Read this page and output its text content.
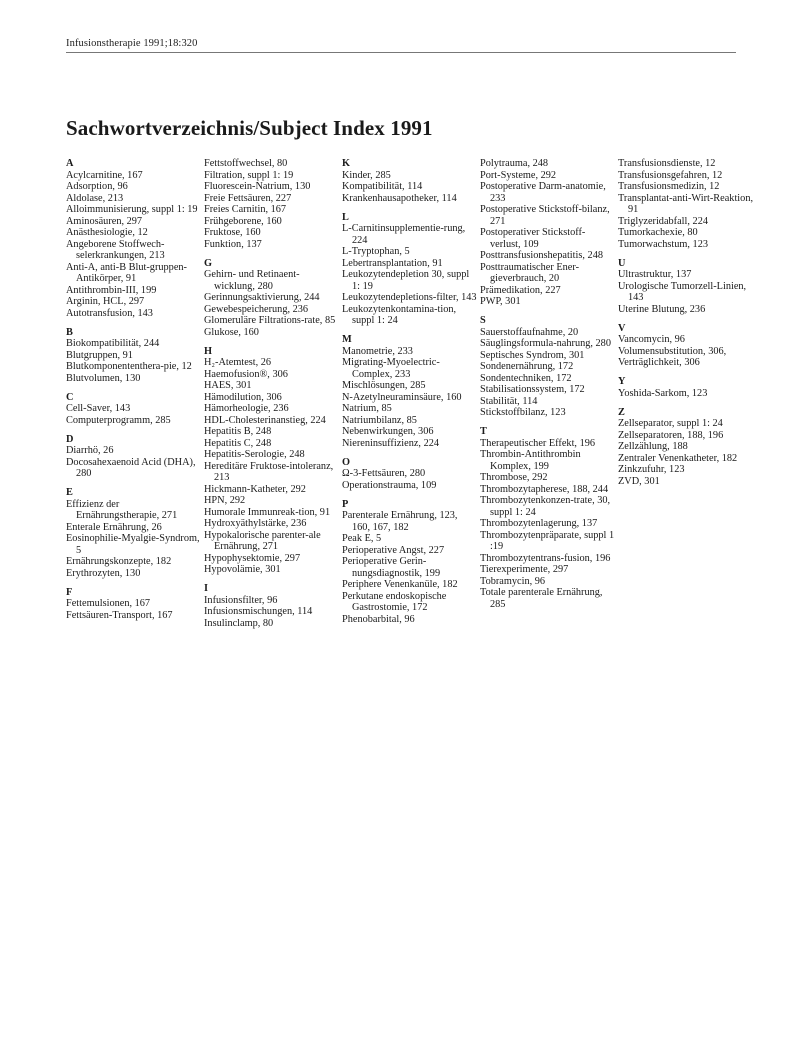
Infusionstherapie 1991;18:320
Sachwortverzeichnis/Subject Index 1991
A
Acylcarnitine, 167
Adsorption, 96
Aldolase, 213
Alloimmunisierung, suppl 1: 19
Aminosäuren, 297
Anästhesiologie, 12
Angeborene Stoffwech-selerkrankungen, 213
Anti-A, anti-B Blut-gruppen-Antikörper, 91
Antithrombin-III, 199
Arginin, HCL, 297
Autotransfusion, 143
B
Biokompatibilität, 244
Blutgruppen, 91
Blutkomponententhera-pie, 12
Blutvolumen, 130
C
Cell-Saver, 143
Computerprogramm, 285
D
Diarrhö, 26
Docosahexaenoid Acid (DHA), 280
E
Effizienz der Ernährungstherapie, 271
Enterale Ernährung, 26
Eosinophilie-Myalgie-Syndrom, 5
Ernährungskonzepte, 182
Erythrozyten, 130
F
Fettemulsionen, 167
Fettsäuren-Transport, 167
Fettstoffwechsel, 80
Filtration, suppl 1: 19
Fluorescein-Natrium, 130
Freie Fettsäuren, 227
Freies Carnitin, 167
Frühgeborene, 160
Fruktose, 160
Funktion, 137
G
Gehirn- und Retinaent-wicklung, 280
Gerinnungsaktivierung, 244
Gewebespeicherung, 236
Glomeruläre Filtrations-rate, 85
Glukose, 160
H
H₂-Atemtest, 26
Haemofusion®, 306
HAES, 301
Hämodilution, 306
Hämorheologie, 236
HDL-Cholesterinanstieg, 224
Hepatitis B, 248
Hepatitis C, 248
Hepatitis-Serologie, 248
Hereditäre Fruktose-intoleranz, 213
Hickmann-Katheter, 292
HPN, 292
Humorale Immunreak-tion, 91
Hydroxyäthylstärke, 236
Hypokalorische parenter-ale Ernährung, 271
Hypophysektomie, 297
Hypovolämie, 301
I
Infusionsfilter, 96
Infusionsmischungen, 114
Insulinclamp, 80
K
Kinder, 285
Kompatibilität, 114
Krankenhausapotheker, 114
L
L-Carnitinsupplementie-rung, 224
L-Tryptophan, 5
Lebertransplantation, 91
Leukozytendepletion 30, suppl 1: 19
Leukozytendepletions-filter, 143
Leukozytenkontamina-tion, suppl 1: 24
M
Manometrie, 233
Migrating-Myoelectric-Complex, 233
Mischlösungen, 285
N-Azetylneuraminsäure, 160
Natrium, 85
Natriumbilanz, 85
Nebenwirkungen, 306
Niereninsuffizienz, 224
O
Ω-3-Fettsäuren, 280
Operationstrauma, 109
P
Parenterale Ernährung, 123, 160, 167, 182
Peak E, 5
Perioperative Angst, 227
Perioperative Gerin-nungsdiagnostik, 199
Periphere Venenkanüle, 182
Perkutane endoskopische Gastrostomie, 172
Phenobarbital, 96
Polytrauma, 248
Port-Systeme, 292
Postoperative Darm-anatomie, 233
Postoperative Stickstoff-bilanz, 271
Postoperativer Stickstoff-verlust, 109
Posttransfusionshepatitis, 248
Posttraumatischer Ener-gieverbrauch, 20
Prämedikation, 227
PWP, 301
S
Sauerstoffaufnahme, 20
Säuglingsformula-nahrung, 280
Septisches Syndrom, 301
Sondenernährung, 172
Sondentechniken, 172
Stabilisationssystem, 172
Stabilität, 114
Stickstoffbilanz, 123
T
Therapeutischer Effekt, 196
Thrombin-Antithrombin Komplex, 199
Thrombose, 292
Thrombozytapherese, 188, 244
Thrombozytenkonzen-trate, 30, suppl 1: 24
Thrombozytenlagerung, 137
Thrombozytenpräparate, suppl 1 :19
Thrombozytentrans-fusion, 196
Tierexperimente, 297
Tobramycin, 96
Totale parenterale Ernährung, 285
Transfusionsdienste, 12
Transfusionsgefahren, 12
Transfusionsmedizin, 12
Transplantat-anti-Wirt-Reaktion, 91
Triglyzeridabfall, 224
Tumorkachexie, 80
Tumorwachstum, 123
U
Ultrastruktur, 137
Urologische Tumorzell-Linien, 143
Uterine Blutung, 236
V
Vancomycin, 96
Volumensubstitution, 306,
Verträglichkeit, 306
Y
Yoshida-Sarkom, 123
Z
Zellseparator, suppl 1: 24
Zellseparatoren, 188, 196
Zellzählung, 188
Zentraler Venenkatheter, 182
Zinkzufuhr, 123
ZVD, 301
